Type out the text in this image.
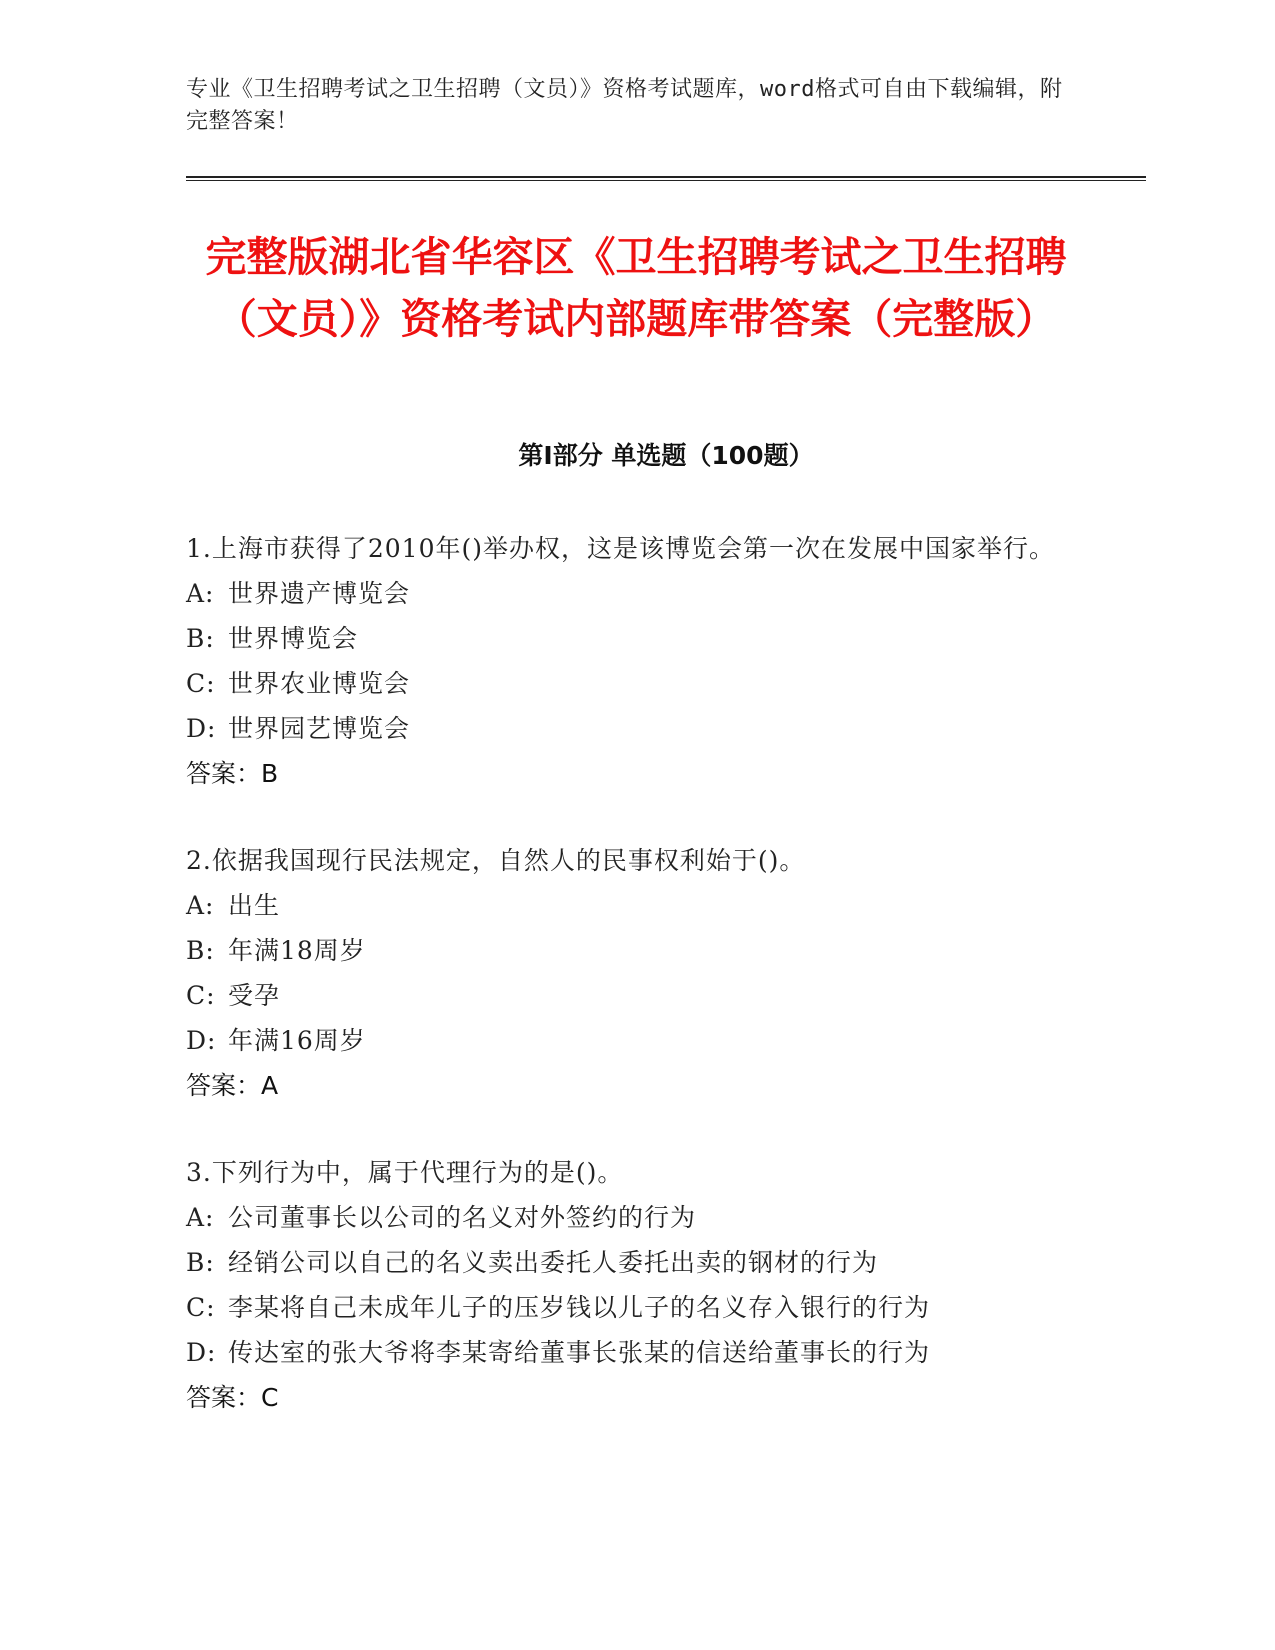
专业《卫生招聘考试之卫生招聘（文员）》资格考试题库，word格式可自由下载编辑，附完整答案！
完整版湖北省华容区《卫生招聘考试之卫生招聘（文员）》资格考试内部题库带答案（完整版）
第Ⅰ部分 单选题（100题）
1.上海市获得了2010年()举办权，这是该博览会第一次在发展中国家举行。
A: 世界遗产博览会
B: 世界博览会
C: 世界农业博览会
D: 世界园艺博览会
答案：B
2.依据我国现行民法规定，自然人的民事权利始于()。
A: 出生
B: 年满18周岁
C: 受孕
D: 年满16周岁
答案：A
3.下列行为中，属于代理行为的是()。
A: 公司董事长以公司的名义对外签约的行为
B: 经销公司以自己的名义卖出委托人委托出卖的钢材的行为
C: 李某将自己未成年儿子的压岁钱以儿子的名义存入银行的行为
D: 传达室的张大爷将李某寄给董事长张某的信送给董事长的行为
答案：C
